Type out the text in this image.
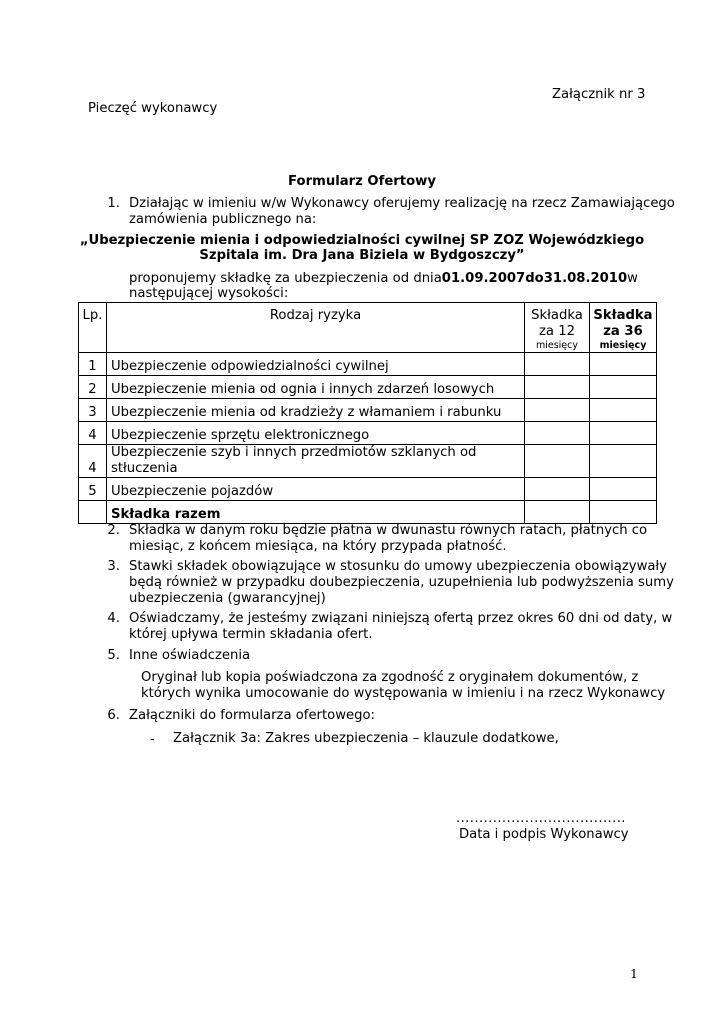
Załącznik nr 3
Pieczęć wykonawcy
Formularz Ofertowy
1. Działając w imieniu w/w Wykonawcy oferujemy realizację na rzecz Zamawiającego
zamówienia publicznego na:
„Ubezpieczenie mienia i odpowiedzialności cywilnej SP ZOZ Wojewódzkiego
Szpitala im. Dra Jana Biziela w Bydgoszczy”
proponujemy składkę za ubezpieczenia od dnia 01.09.2007 do 31.08.2010 w
następującej wysokości:
Lp.	Rodzaj ryzyka	Składka
za 12
miesięcy	Składka
za 36
miesięcy

1	Ubezpieczenie odpowiedzialności cywilnej		
2	Ubezpieczenie mienia od ognia i innych zdarzeń losowych		
3	Ubezpieczenie mienia od kradzieży z włamaniem i rabunku		
4	Ubezpieczenie sprzętu elektronicznego		
4	Ubezpieczenie szyb i innych przedmiotów szklanych od stłuczenia		
5	Ubezpieczenie pojazdów		
	Składka razem		
2. Składka w danym roku będzie płatna w dwunastu równych ratach, płatnych co
miesiąc, z końcem miesiąca, na który przypada płatność.
3. Stawki składek obowiązujące w stosunku do umowy ubezpieczenia obowiązywały
będą również w przypadku doubezpieczenia, uzupełnienia lub podwyższenia sumy
ubezpieczenia (gwarancyjnej)
4. Oświadczamy, że jesteśmy związani niniejszą ofertą przez okres 60 dni od daty, w
której upływa termin składania ofert.
5. Inne oświadczenia
Oryginał lub kopia poświadczona za zgodność z oryginałem dokumentów, z
których wynika umocowanie do występowania w imieniu i na rzecz Wykonawcy
6. Załączniki do formularza ofertowego:
- Załącznik 3a: Zakres ubezpieczenia – klauzule dodatkowe,
.....................................
Data i podpis Wykonawcy
1
